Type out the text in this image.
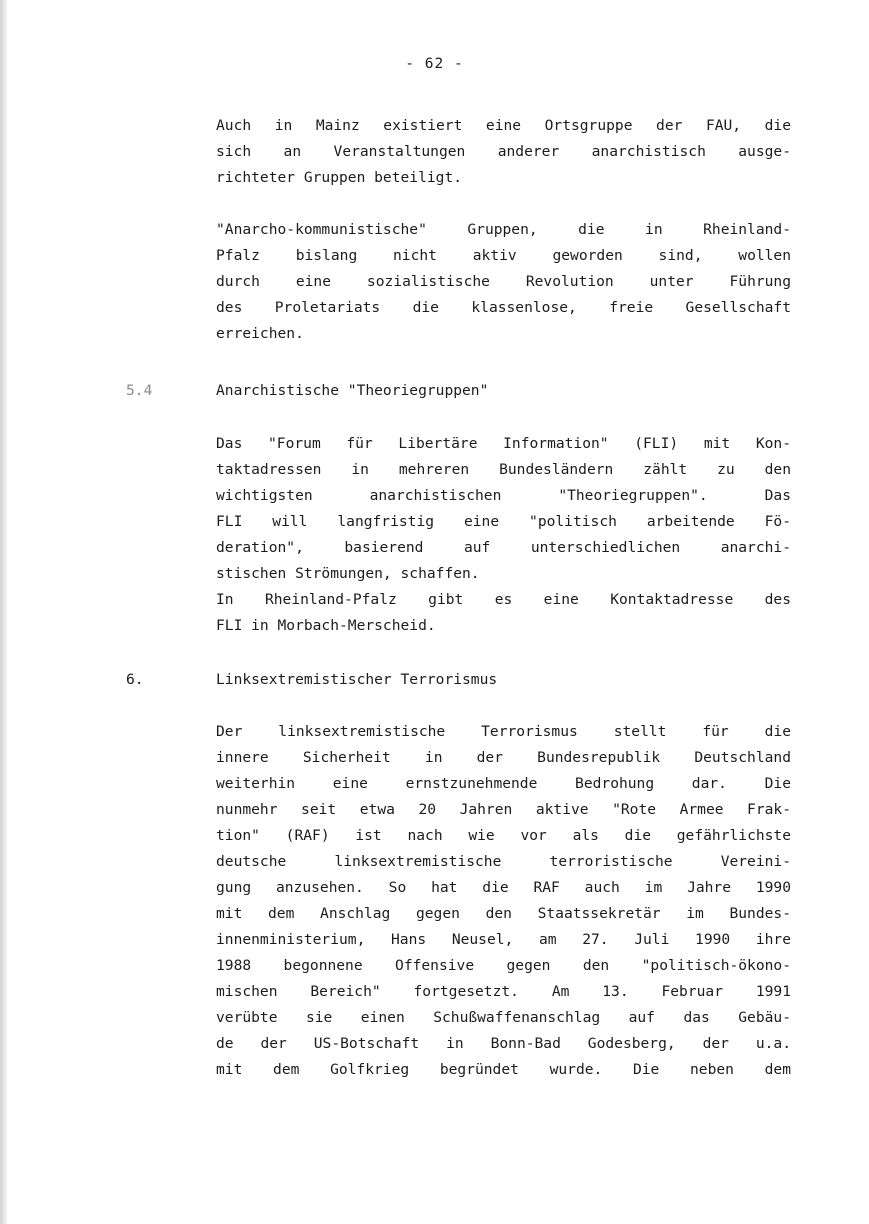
- 62 -
Auch in Mainz existiert eine Ortsgruppe der FAU, die
sich an Veranstaltungen anderer anarchistisch ausge-
richteter Gruppen beteiligt.
"Anarcho-kommunistische" Gruppen, die in Rheinland-
Pfalz bislang nicht aktiv geworden sind, wollen
durch eine sozialistische Revolution unter Führung
des Proletariats die klassenlose, freie Gesellschaft
erreichen.
5.4	Anarchistische "Theoriegruppen"
Das "Forum für Libertäre Information" (FLI) mit Kon-
taktadressen in mehreren Bundesländern zählt zu den
wichtigsten anarchistischen "Theoriegruppen". Das
FLI will langfristig eine "politisch arbeitende Fö-
deration", basierend auf unterschiedlichen anarchi-
stischen Strömungen, schaffen.
In Rheinland-Pfalz gibt es eine Kontaktadresse des
FLI in Morbach-Merscheid.
6.	Linksextremistischer Terrorismus
Der linksextremistische Terrorismus stellt für die
innere Sicherheit in der Bundesrepublik Deutschland
weiterhin eine ernstzunehmende Bedrohung dar. Die
nunmehr seit etwa 20 Jahren aktive "Rote Armee Frak-
tion" (RAF) ist nach wie vor als die gefährlichste
deutsche linksextremistische terroristische Vereini-
gung anzusehen. So hat die RAF auch im Jahre 1990
mit dem Anschlag gegen den Staatssekretär im Bundes-
innenministerium, Hans Neusel, am 27. Juli 1990 ihre
1988 begonnene Offensive gegen den "politisch-ökono-
mischen Bereich" fortgesetzt. Am 13. Februar 1991
verübte sie einen Schußwaffenanschlag auf das Gebäu-
de der US-Botschaft in Bonn-Bad Godesberg, der u.a.
mit dem Golfkrieg begründet wurde. Die neben dem
